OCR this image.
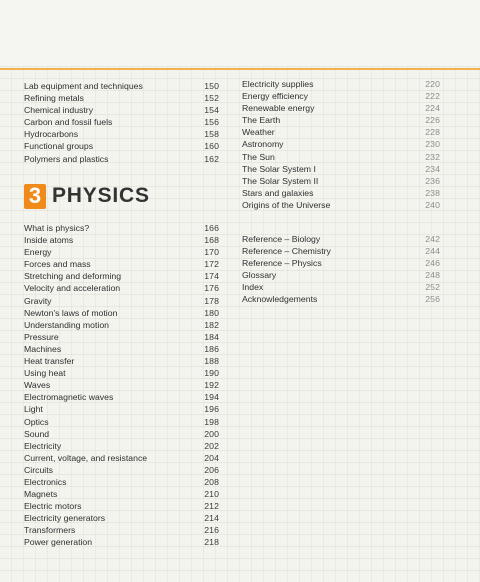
Lab equipment and techniques	150
Refining metals	152
Chemical industry	154
Carbon and fossil fuels	156
Hydrocarbons	158
Functional groups	160
Polymers and plastics	162
3 PHYSICS
What is physics?	166
Inside atoms	168
Energy	170
Forces and mass	172
Stretching and deforming	174
Velocity and acceleration	176
Gravity	178
Newton's laws of motion	180
Understanding motion	182
Pressure	184
Machines	186
Heat transfer	188
Using heat	190
Waves	192
Electromagnetic waves	194
Light	196
Optics	198
Sound	200
Electricity	202
Current, voltage, and resistance	204
Circuits	206
Electronics	208
Magnets	210
Electric motors	212
Electricity generators	214
Transformers	216
Power generation	218
Electricity supplies	220
Energy efficiency	222
Renewable energy	224
The Earth	226
Weather	228
Astronomy	230
The Sun	232
The Solar System I	234
The Solar System II	236
Stars and galaxies	238
Origins of the Universe	240
Reference – Biology	242
Reference – Chemistry	244
Reference – Physics	246
Glossary	248
Index	252
Acknowledgements	256
